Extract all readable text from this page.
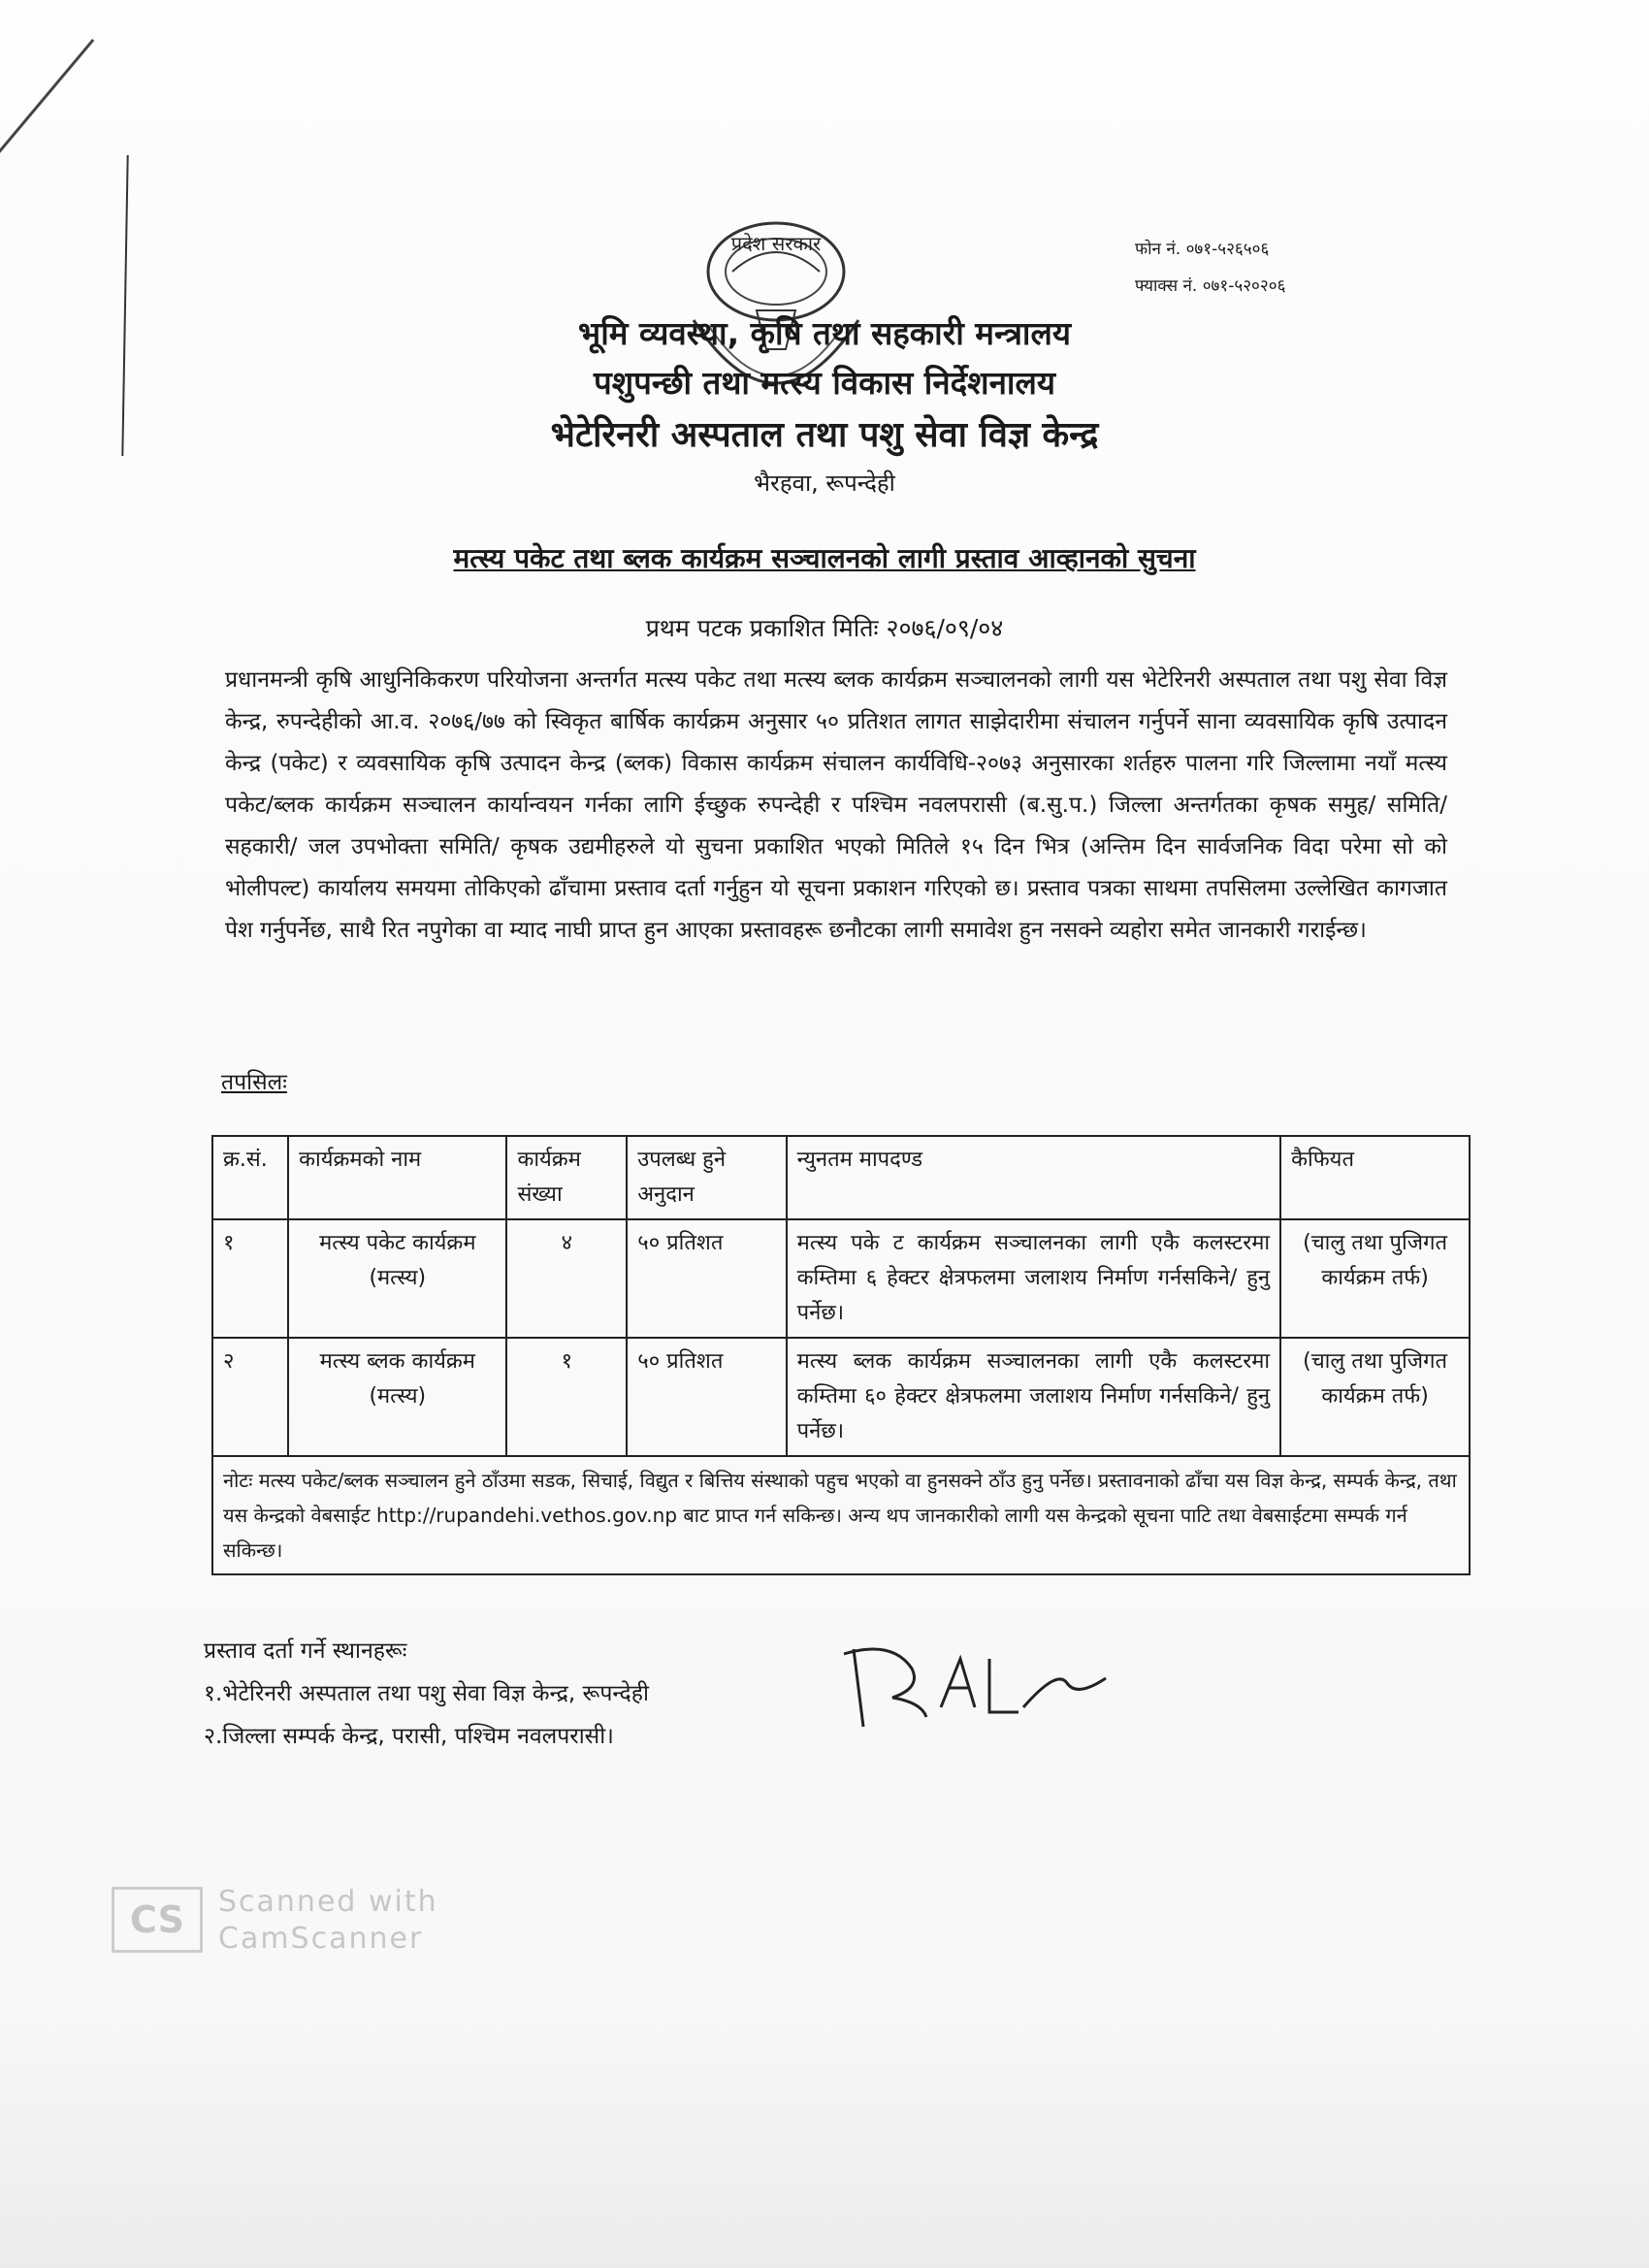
फोन नं. ०७१-५२६५०६
फ्याक्स नं. ०७१-५२०२०६
प्रदेश सरकार
भूमि व्यवस्था, कृषि तथा सहकारी मन्त्रालय
पशुपन्छी तथा मत्स्य विकास निर्देशनालय
भेटेरिनरी अस्पताल तथा पशु सेवा विज्ञ केन्द्र
भैरहवा, रूपन्देही
मत्स्य पकेट तथा ब्लक कार्यक्रम सञ्चालनको लागी प्रस्ताव आव्हानको सुचना
प्रथम पटक प्रकाशित मितिः २०७६/०९/०४
प्रधानमन्त्री कृषि आधुनिकिकरण परियोजना अन्तर्गत मत्स्य पकेट तथा मत्स्य ब्लक कार्यक्रम सञ्चालनको लागी यस भेटेरिनरी अस्पताल तथा पशु सेवा विज्ञ केन्द्र, रुपन्देहीको आ.व. २०७६/७७ को स्विकृत बार्षिक कार्यक्रम अनुसार ५० प्रतिशत लागत साझेदारीमा संचालन गर्नुपर्ने साना व्यवसायिक कृषि उत्पादन केन्द्र (पकेट) र व्यवसायिक कृषि उत्पादन केन्द्र (ब्लक) विकास कार्यक्रम संचालन कार्यविधि-२०७३ अनुसारका शर्तहरु पालना गरि जिल्लामा नयाँ मत्स्य पकेट/ब्लक कार्यक्रम सञ्चालन कार्यान्वयन गर्नका लागि ईच्छुक रुपन्देही र पश्चिम नवलपरासी (ब.सु.प.) जिल्ला अन्तर्गतका कृषक समुह/ समिति/ सहकारी/ जल उपभोक्ता समिति/ कृषक उद्यमीहरुले यो सुचना प्रकाशित भएको मितिले १५ दिन भित्र (अन्तिम दिन सार्वजनिक विदा परेमा सो को भोलीपल्ट) कार्यालय समयमा तोकिएको ढाँचामा प्रस्ताव दर्ता गर्नुहुन यो सूचना प्रकाशन गरिएको छ। प्रस्ताव पत्रका साथमा तपसिलमा उल्लेखित कागजात पेश गर्नुपर्नेछ, साथै रित नपुगेका वा म्याद नाघी प्राप्त हुन आएका प्रस्तावहरू छनौटका लागी समावेश हुन नसक्ने व्यहोरा समेत जानकारी गराईन्छ।
तपसिलः
क्र.सं.	कार्यक्रमको नाम	कार्यक्रम संख्या	उपलब्ध हुने अनुदान	न्युनतम मापदण्ड	कैफियत
१	मत्स्य पकेट कार्यक्रम (मत्स्य)	४	५० प्रतिशत	मत्स्य पके ट कार्यक्रम सञ्चालनका लागी एकै कलस्टरमा कम्तिमा ६ हेक्टर क्षेत्रफलमा जलाशय निर्माण गर्नसकिने/ हुनु पर्नेछ।	(चालु तथा पुजिगत कार्यक्रम तर्फ)
२	मत्स्य ब्लक कार्यक्रम (मत्स्य)	१	५० प्रतिशत	मत्स्य ब्लक कार्यक्रम सञ्चालनका लागी एकै कलस्टरमा कम्तिमा ६० हेक्टर क्षेत्रफलमा जलाशय निर्माण गर्नसकिने/ हुनु पर्नेछ।	(चालु तथा पुजिगत कार्यक्रम तर्फ)
नोटः मत्स्य पकेट/ब्लक सञ्चालन हुने ठाँउमा सडक, सिचाई, विद्युत र बित्तिय संस्थाको पहुच भएको वा हुनसक्ने ठाँउ हुनु पर्नेछ। प्रस्तावनाको ढाँचा यस विज्ञ केन्द्र, सम्पर्क केन्द्र, तथा यस केन्द्रको वेबसाईट http://rupandehi.vethos.gov.np बाट प्राप्त गर्न सकिन्छ। अन्य थप जानकारीको लागी यस केन्द्रको सूचना पाटि तथा वेबसाईटमा सम्पर्क गर्न सकिन्छ।					
प्रस्ताव दर्ता गर्ने स्थानहरूः
१.भेटेरिनरी अस्पताल तथा पशु सेवा विज्ञ केन्द्र, रूपन्देही
२.जिल्ला सम्पर्क केन्द्र, परासी, पश्चिम नवलपरासी।
CS	Scanned with
CamScanner
